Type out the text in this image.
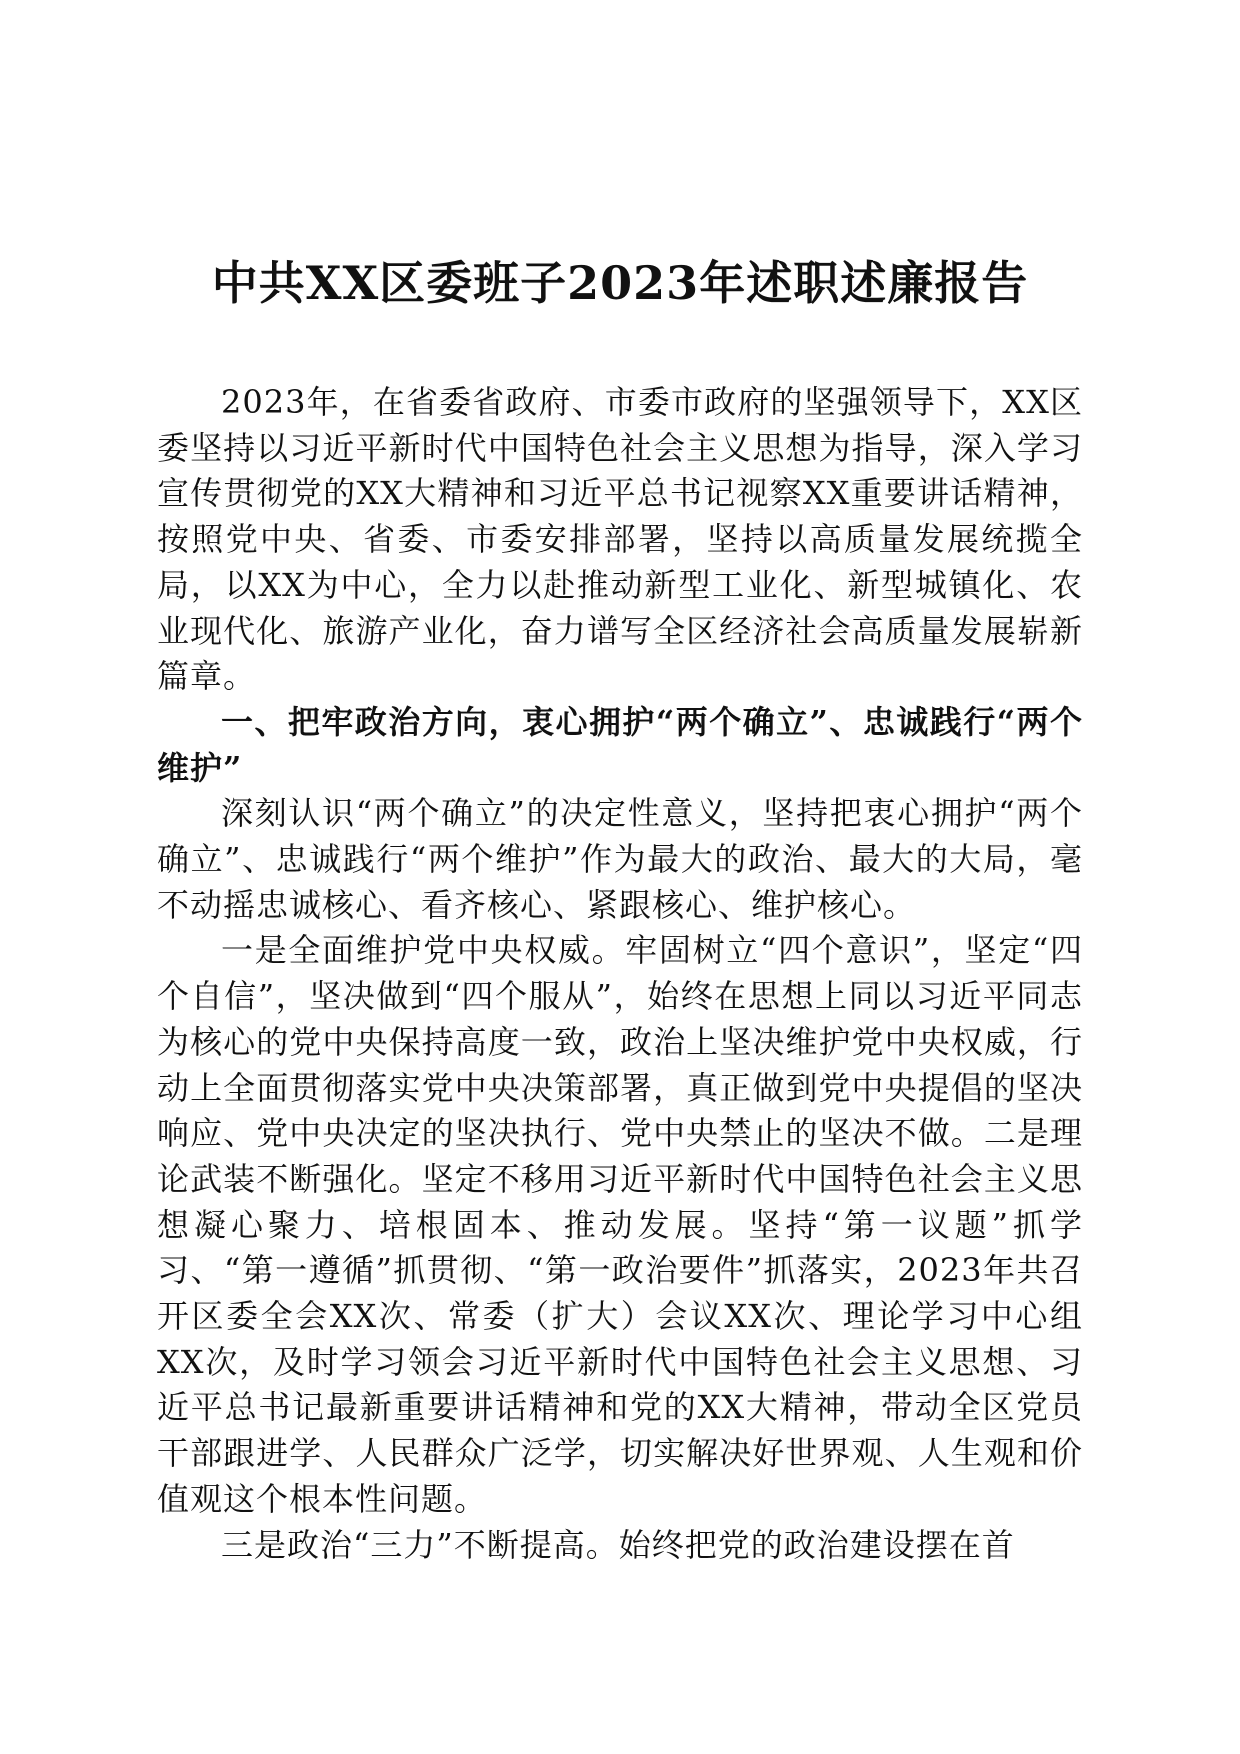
中共XX区委班子2023年述职述廉报告

2023年，在省委省政府、市委市政府的坚强领导下，XX区委坚持以习近平新时代中国特色社会主义思想为指导，深入学习宣传贯彻党的XX大精神和习近平总书记视察XX重要讲话精神，按照党中央、省委、市委安排部署，坚持以高质量发展统揽全局，以XX为中心，全力以赴推动新型工业化、新型城镇化、农业现代化、旅游产业化，奋力谱写全区经济社会高质量发展崭新篇章。

一、把牢政治方向，衷心拥护“两个确立”、忠诚践行“两个维护”

深刻认识“两个确立”的决定性意义，坚持把衷心拥护“两个确立”、忠诚践行“两个维护”作为最大的政治、最大的大局，毫不动摇忠诚核心、看齐核心、紧跟核心、维护核心。

一是全面维护党中央权威。牢固树立“四个意识”，坚定“四个自信”，坚决做到“四个服从”，始终在思想上同以习近平同志为核心的党中央保持高度一致，政治上坚决维护党中央权威，行动上全面贯彻落实党中央决策部署，真正做到党中央提倡的坚决响应、党中央决定的坚决执行、党中央禁止的坚决不做。二是理论武装不断强化。坚定不移用习近平新时代中国特色社会主义思想凝心聚力、培根固本、推动发展。坚持“第一议题”抓学习、“第一遵循”抓贯彻、“第一政治要件”抓落实，2023年共召开区委全会XX次、常委（扩大）会议XX次、理论学习中心组XX次，及时学习领会习近平新时代中国特色社会主义思想、习近平总书记最新重要讲话精神和党的XX大精神，带动全区党员干部跟进学、人民群众广泛学，切实解决好世界观、人生观和价值观这个根本性问题。

三是政治“三力”不断提高。始终把党的政治建设摆在首
